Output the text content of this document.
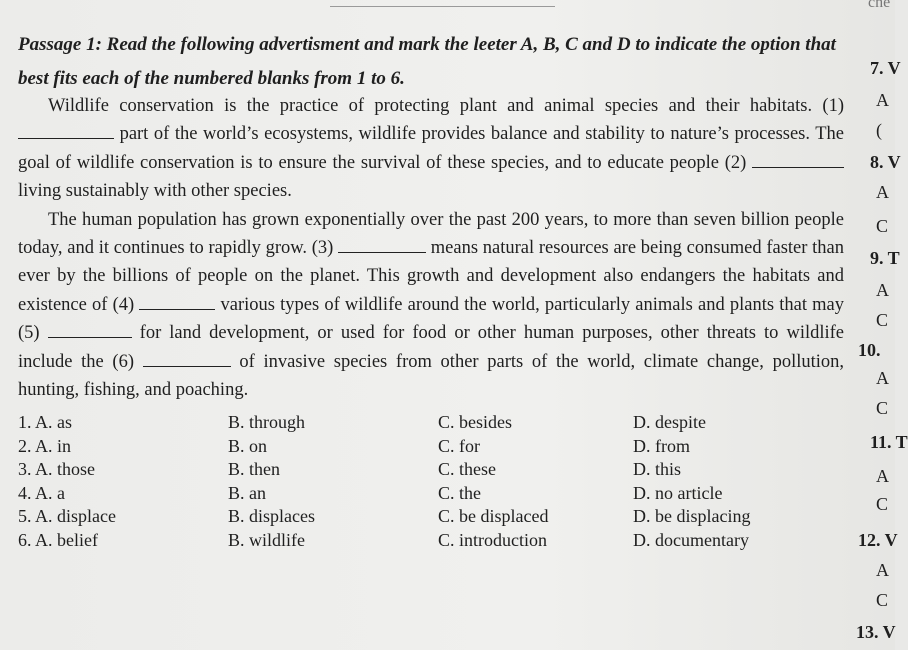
cne
Passage 1: Read the following advertisment and mark the leeter A, B, C and D to indicate the option that best fits each of the numbered blanks from 1 to 6.

Wildlife conservation is the practice of protecting plant and animal species and their habitats. (1)  part of the world’s ecosystems, wildlife provides balance and stability to nature’s processes. The goal of wildlife conservation is to ensure the survival of these species, and to educate people (2)  living sustainably with other species.

The human population has grown exponentially over the past 200 years, to more than seven billion people today, and it continues to rapidly grow. (3)	means natural resources are being consumed faster than ever by the billions of people on the planet. This growth and development also endangers the habitats and existence of (4)	various types of wildlife around the world, particularly animals and plants that may (5)	for land development, or used for food or other human purposes, other threats to wildlife include the (6)	of invasive species from other parts of the world, climate change, pollution, hunting, fishing, and poaching.

1. A. as	B. through	C. besides	D. despite
2. A. in	B. on	C. for	D. from
3. A. those	B. then	C. these	D. this
4. A. a	B. an	C. the	D. no article
5. A. displace	B. displaces	C. be displaced	D. be displacing
6. A. belief	B. wildlife	C. introduction	D. documentary
7. V
A
(
8. V
A
C
9. T
A
C
10.
A
C
11. T
A
C
12. V
A
C
13. V
